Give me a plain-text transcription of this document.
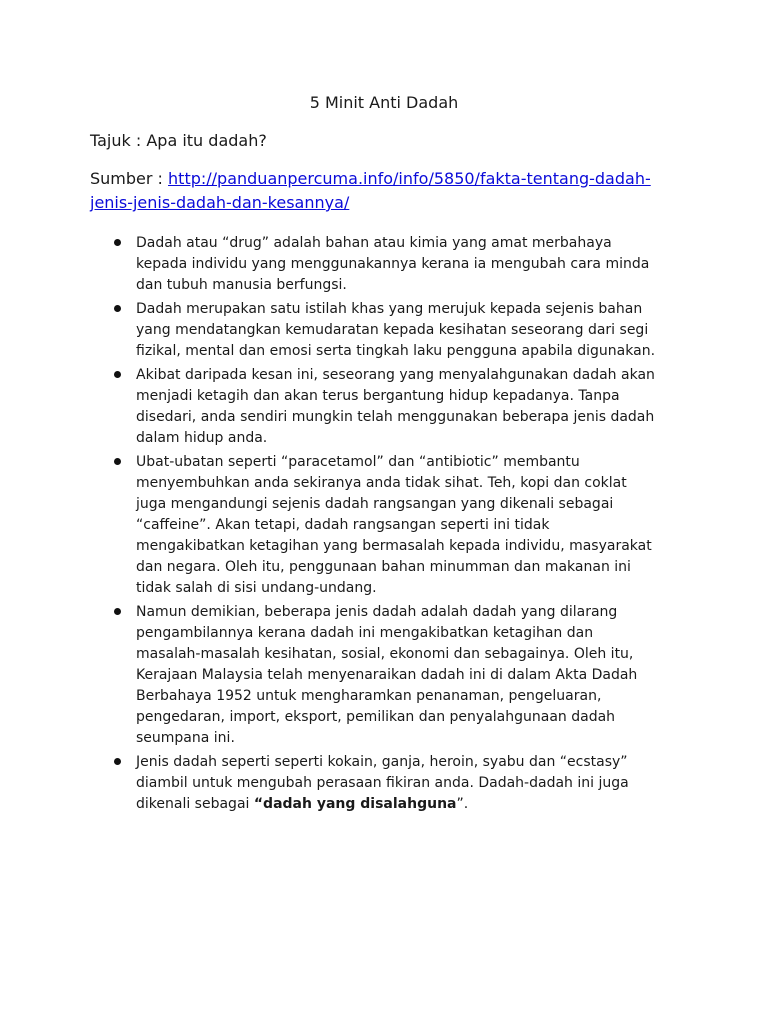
5 Minit Anti Dadah
Tajuk : Apa itu dadah?
Sumber : http://panduanpercuma.info/info/5850/fakta-tentang-dadah-jenis-jenis-dadah-dan-kesannya/
Dadah atau “drug” adalah bahan atau kimia yang amat merbahaya kepada individu yang menggunakannya kerana ia mengubah cara minda dan tubuh manusia berfungsi.
Dadah merupakan satu istilah khas yang merujuk kepada sejenis bahan yang mendatangkan kemudaratan kepada kesihatan seseorang dari segi fizikal, mental dan emosi serta tingkah laku pengguna apabila digunakan.
Akibat daripada kesan ini, seseorang yang menyalahgunakan dadah akan menjadi ketagih dan akan terus bergantung hidup kepadanya. Tanpa disedari, anda sendiri mungkin telah menggunakan beberapa jenis dadah dalam hidup anda.
Ubat-ubatan seperti “paracetamol” dan “antibiotic” membantu menyembuhkan anda sekiranya anda tidak sihat. Teh, kopi dan coklat juga mengandungi sejenis dadah rangsangan yang dikenali sebagai “caffeine”. Akan tetapi, dadah rangsangan seperti ini tidak mengakibatkan ketagihan yang bermasalah kepada individu, masyarakat dan negara. Oleh itu, penggunaan bahan minumman dan makanan ini tidak salah di sisi undang-undang.
Namun demikian, beberapa jenis dadah adalah dadah yang dilarang pengambilannya kerana dadah ini mengakibatkan ketagihan dan masalah-masalah kesihatan, sosial, ekonomi dan sebagainya. Oleh itu, Kerajaan Malaysia telah menyenaraikan dadah ini di dalam Akta Dadah Berbahaya 1952 untuk mengharamkan penanaman, pengeluaran, pengedaran, import, eksport, pemilikan dan penyalahgunaan dadah seumpana ini.
Jenis dadah seperti seperti kokain, ganja, heroin, syabu dan “ecstasy” diambil untuk mengubah perasaan fikiran anda. Dadah-dadah ini juga dikenali sebagai “dadah yang disalahguna”.
